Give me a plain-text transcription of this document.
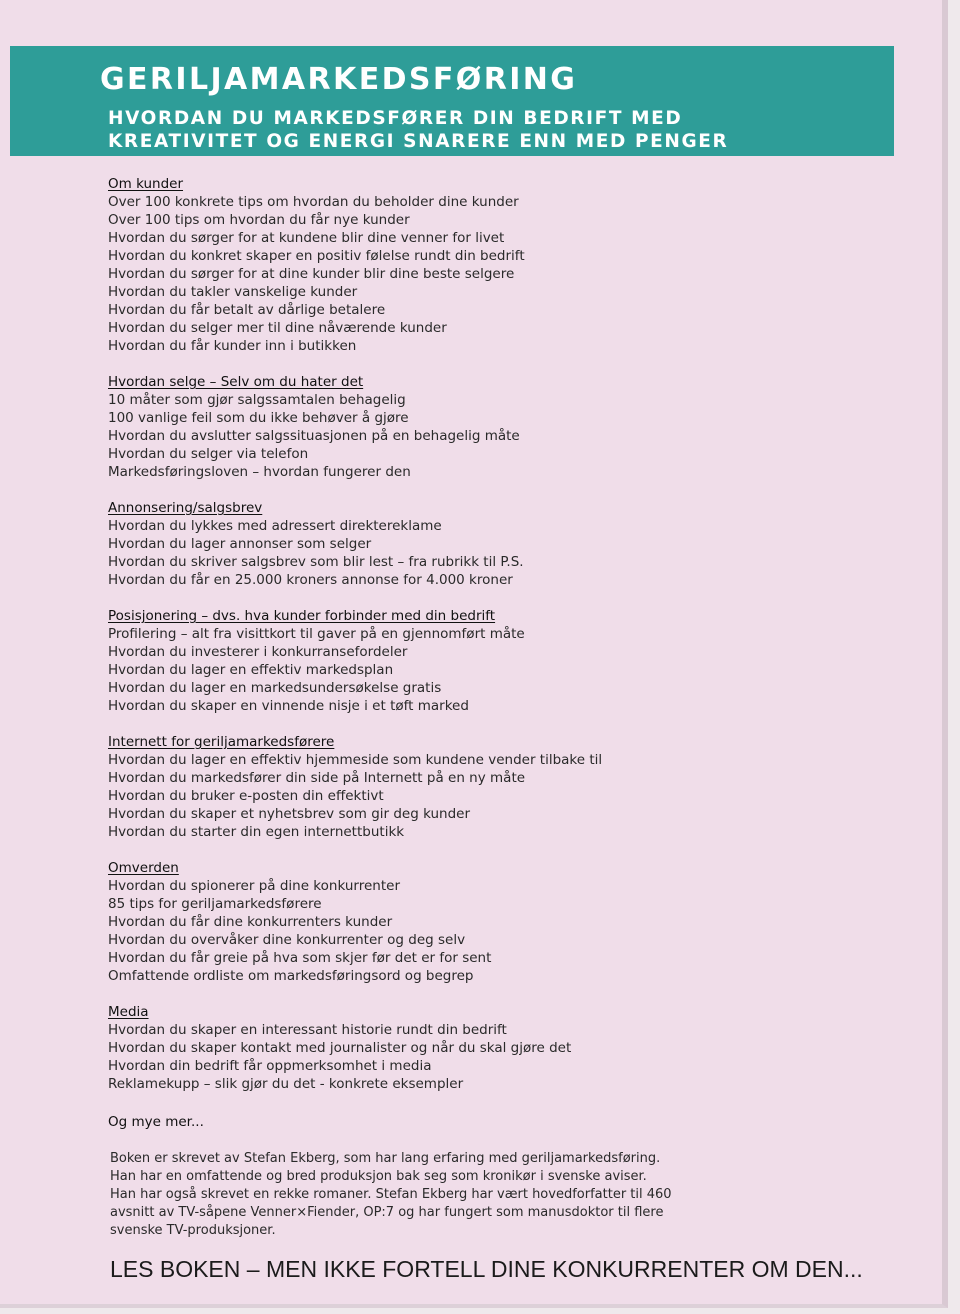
GERILJAMARKEDSFØRING
HVORDAN DU MARKEDSFØRER DIN BEDRIFT MED
KREATIVITET OG ENERGI SNARERE ENN MED PENGER
Om kunder
Over 100 konkrete tips om hvordan du beholder dine kunder
Over 100 tips om hvordan du får nye kunder
Hvordan du sørger for at kundene blir dine venner for livet
Hvordan du konkret skaper en positiv følelse rundt din bedrift
Hvordan du sørger for at dine kunder blir dine beste selgere
Hvordan du takler vanskelige kunder
Hvordan du får betalt av dårlige betalere
Hvordan du selger mer til dine nåværende kunder
Hvordan du får kunder inn i butikken
Hvordan selge – Selv om du hater det
10 måter som gjør salgssamtalen behagelig
100 vanlige feil som du ikke behøver å gjøre
Hvordan du avslutter salgssituasjonen på en behagelig måte
Hvordan du selger via telefon
Markedsføringsloven – hvordan fungerer den
Annonsering/salgsbrev
Hvordan du lykkes med adressert direktereklame
Hvordan du lager annonser som selger
Hvordan du skriver salgsbrev som blir lest – fra rubrikk til P.S.
Hvordan du får en 25.000 kroners annonse for 4.000 kroner
Posisjonering – dvs. hva kunder forbinder med din bedrift
Profilering – alt fra visittkort til gaver på en gjennomført måte
Hvordan du investerer i konkurransefordeler
Hvordan du lager en effektiv markedsplan
Hvordan du lager en markedsundersøkelse gratis
Hvordan du skaper en vinnende nisje i et tøft marked
Internett for geriljamarkedsførere
Hvordan du lager en effektiv hjemmeside som kundene vender tilbake til
Hvordan du markedsfører din side på Internett på en ny måte
Hvordan du bruker e-posten din effektivt
Hvordan du skaper et nyhetsbrev som gir deg kunder
Hvordan du starter din egen internettbutikk
Omverden
Hvordan du spionerer på dine konkurrenter
85 tips for geriljamarkedsførere
Hvordan du får dine konkurrenters kunder
Hvordan du overvåker dine konkurrenter og deg selv
Hvordan du får greie på hva som skjer før det er for sent
Omfattende ordliste om markedsføringsord og begrep
Media
Hvordan du skaper en interessant historie rundt din bedrift
Hvordan du skaper kontakt med journalister og når du skal gjøre det
Hvordan din bedrift får oppmerksomhet i media
Reklamekupp – slik gjør du det - konkrete eksempler
Og mye mer...
Boken er skrevet av Stefan Ekberg, som har lang erfaring med geriljamarkedsføring.
Han har en omfattende og bred produksjon bak seg som kronikør i svenske aviser.
Han har også skrevet en rekke romaner. Stefan Ekberg har vært hovedforfatter til 460
avsnitt av TV-såpene Venner×Fiender, OP:7 og har fungert som manusdoktor til flere
svenske TV-produksjoner.
LES BOKEN – MEN IKKE FORTELL DINE KONKURRENTER OM DEN...
